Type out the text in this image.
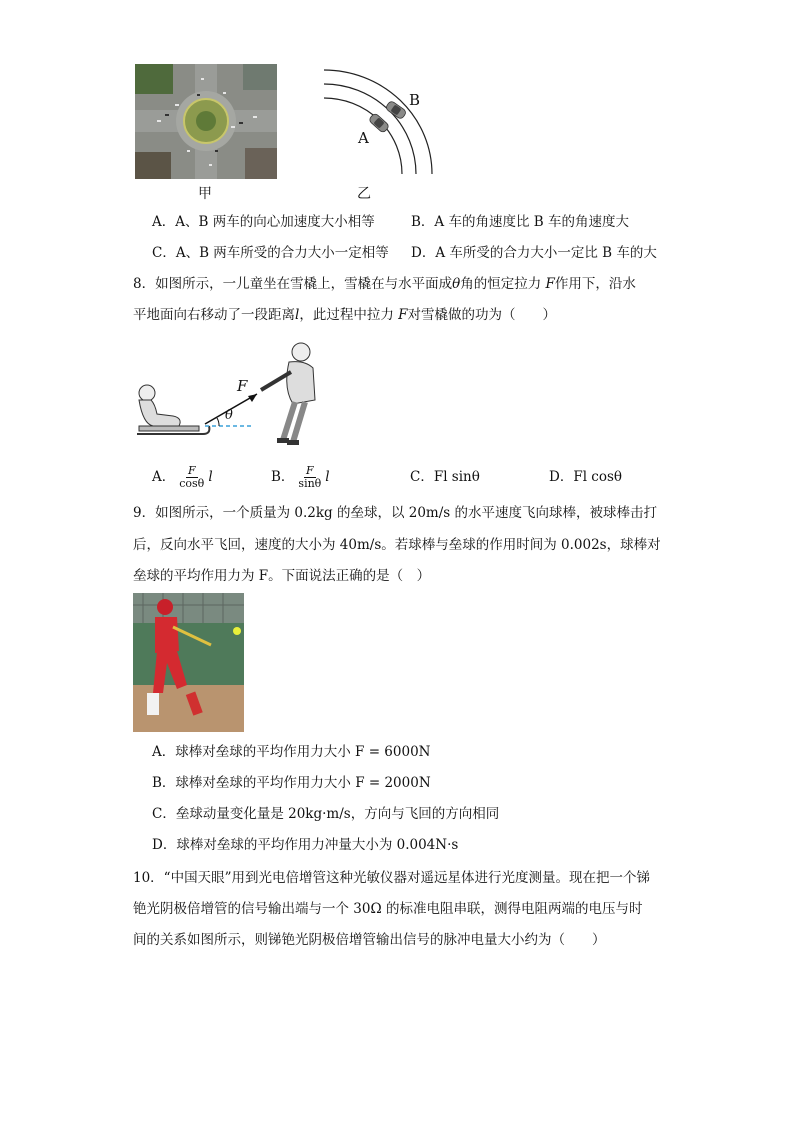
甲
B
A
乙
A．A、B 两车的向心加速度大小相等	B．A 车的角速度比 B 车的角速度大
C．A、B 两车所受的合力大小一定相等 D．A 车所受的合力大小一定比 B 车的大
8．如图所示，一儿童坐在雪橇上，雪橇在与水平面成θ角的恒定拉力 F作用下，沿水
平地面向右移动了一段距离l，此过程中拉力 F对雪橇做的功为（　　）
F
θ
A． $\frac{F}{\cos\theta}$ l	B． $\frac{F}{\sin\theta}$ l	C．Fl sinθ	D．Fl cosθ
9．如图所示，一个质量为 0.2kg 的垒球，以 20m/s 的水平速度飞向球棒，被球棒击打
后，反向水平飞回，速度的大小为 40m/s。若球棒与垒球的作用时间为 0.002s，球棒对
垒球的平均作用力为 F。下面说法正确的是（　）
A．球棒对垒球的平均作用力大小 F = 6000N
B．球棒对垒球的平均作用力大小 F = 2000N
C．垒球动量变化量是 20kg·m/s，方向与飞回的方向相同
D．球棒对垒球的平均作用力冲量大小为 0.004N·s
10．“中国天眼”用到光电倍增管这种光敏仪器对遥远星体进行光度测量。现在把一个锑
铯光阴极倍增管的信号输出端与一个 30Ω 的标准电阻串联，测得电阻两端的电压与时
间的关系如图所示，则锑铯光阴极倍增管输出信号的脉冲电量大小约为（　　）
